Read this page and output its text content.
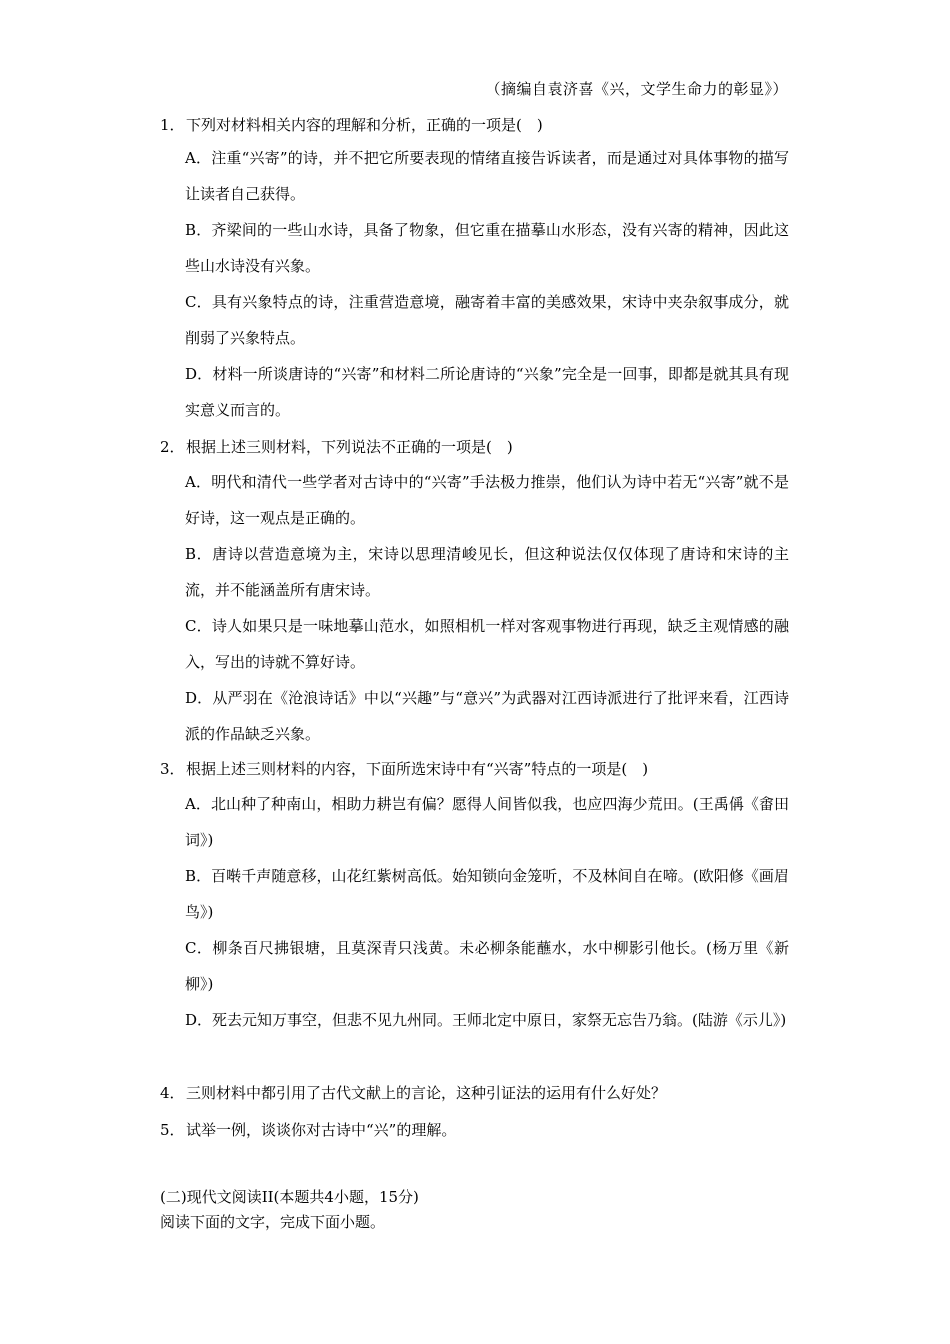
（摘编自袁济喜《兴，文学生命力的彰显》）
1．下列对材料相关内容的理解和分析，正确的一项是(　)
A．注重“兴寄”的诗，并不把它所要表现的情绪直接告诉读者，而是通过对具体事物的描写让读者自己获得。
B．齐梁间的一些山水诗，具备了物象，但它重在描摹山水形态，没有兴寄的精神，因此这些山水诗没有兴象。
C．具有兴象特点的诗，注重营造意境，融寄着丰富的美感效果，宋诗中夹杂叙事成分，就削弱了兴象特点。
D．材料一所谈唐诗的“兴寄”和材料二所论唐诗的“兴象”完全是一回事，即都是就其具有现实意义而言的。
2．根据上述三则材料，下列说法不正确的一项是(　)
A．明代和清代一些学者对古诗中的“兴寄”手法极力推崇，他们认为诗中若无“兴寄”就不是好诗，这一观点是正确的。
B．唐诗以营造意境为主，宋诗以思理清峻见长，但这种说法仅仅体现了唐诗和宋诗的主流，并不能涵盖所有唐宋诗。
C．诗人如果只是一味地摹山范水，如照相机一样对客观事物进行再现，缺乏主观情感的融入，写出的诗就不算好诗。
D．从严羽在《沧浪诗话》中以“兴趣”与“意兴”为武器对江西诗派进行了批评来看，江西诗派的作品缺乏兴象。
3．根据上述三则材料的内容，下面所选宋诗中有“兴寄”特点的一项是(　)
A．北山种了种南山，相助力耕岂有偏？愿得人间皆似我，也应四海少荒田。(王禹偁《畬田词》)
B．百啭千声随意移，山花红紫树高低。始知锁向金笼听，不及林间自在啼。(欧阳修《画眉鸟》)
C．柳条百尺拂银塘，且莫深青只浅黄。未必柳条能蘸水，水中柳影引他长。(杨万里《新柳》)
D．死去元知万事空，但悲不见九州同。王师北定中原日，家祭无忘告乃翁。(陆游《示儿》)
4．三则材料中都引用了古代文献上的言论，这种引证法的运用有什么好处？
5．试举一例，谈谈你对古诗中“兴”的理解。
(二)现代文阅读II(本题共4小题，15分)
阅读下面的文字，完成下面小题。
